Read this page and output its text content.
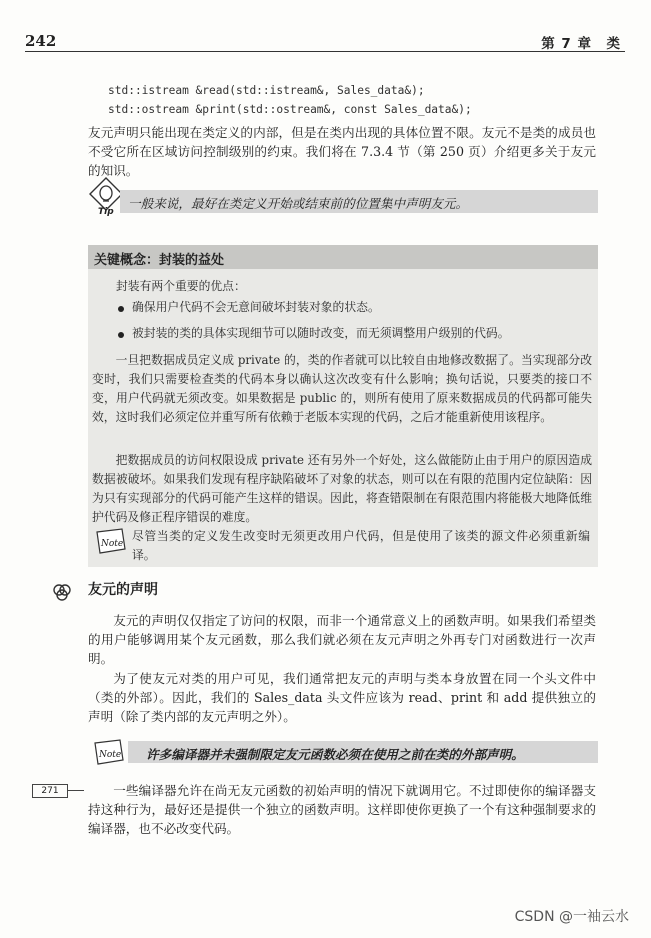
242	第 7 章　类
std::istream &read(std::istream&, Sales_data&);
std::ostream &print(std::ostream&, const Sales_data&);
友元声明只能出现在类定义的内部，但是在类内出现的具体位置不限。友元不是类的成员也不受它所在区域访问控制级别的约束。我们将在 7.3.4 节（第 250 页）介绍更多关于友元的知识。
Tip
一般来说，最好在类定义开始或结束前的位置集中声明友元。
关键概念：封装的益处
封装有两个重要的优点：
确保用户代码不会无意间破坏封装对象的状态。
被封装的类的具体实现细节可以随时改变，而无须调整用户级别的代码。
一旦把数据成员定义成 private 的，类的作者就可以比较自由地修改数据了。当实现部分改变时，我们只需要检查类的代码本身以确认这次改变有什么影响；换句话说，只要类的接口不变，用户代码就无须改变。如果数据是 public 的，则所有使用了原来数据成员的代码都可能失效，这时我们必须定位并重写所有依赖于老版本实现的代码，之后才能重新使用该程序。
把数据成员的访问权限设成 private 还有另外一个好处，这么做能防止由于用户的原因造成数据被破坏。如果我们发现有程序缺陷破坏了对象的状态，则可以在有限的范围内定位缺陷：因为只有实现部分的代码可能产生这样的错误。因此，将查错限制在有限范围内将能极大地降低维护代码及修正程序错误的难度。
Note
尽管当类的定义发生改变时无须更改用户代码，但是使用了该类的源文件必须重新编译。
友元的声明
友元的声明仅仅指定了访问的权限，而非一个通常意义上的函数声明。如果我们希望类的用户能够调用某个友元函数，那么我们就必须在友元声明之外再专门对函数进行一次声明。
为了使友元对类的用户可见，我们通常把友元的声明与类本身放置在同一个头文件中（类的外部）。因此，我们的 Sales_data 头文件应该为 read、print 和 add 提供独立的声明（除了类内部的友元声明之外）。
Note 许多编译器并未强制限定友元函数必须在使用之前在类的外部声明。
271	一些编译器允许在尚无友元函数的初始声明的情况下就调用它。不过即使你的编译器支持这种行为，最好还是提供一个独立的函数声明。这样即使你更换了一个有这种强制要求的编译器，也不必改变代码。
CSDN @一袖云水
